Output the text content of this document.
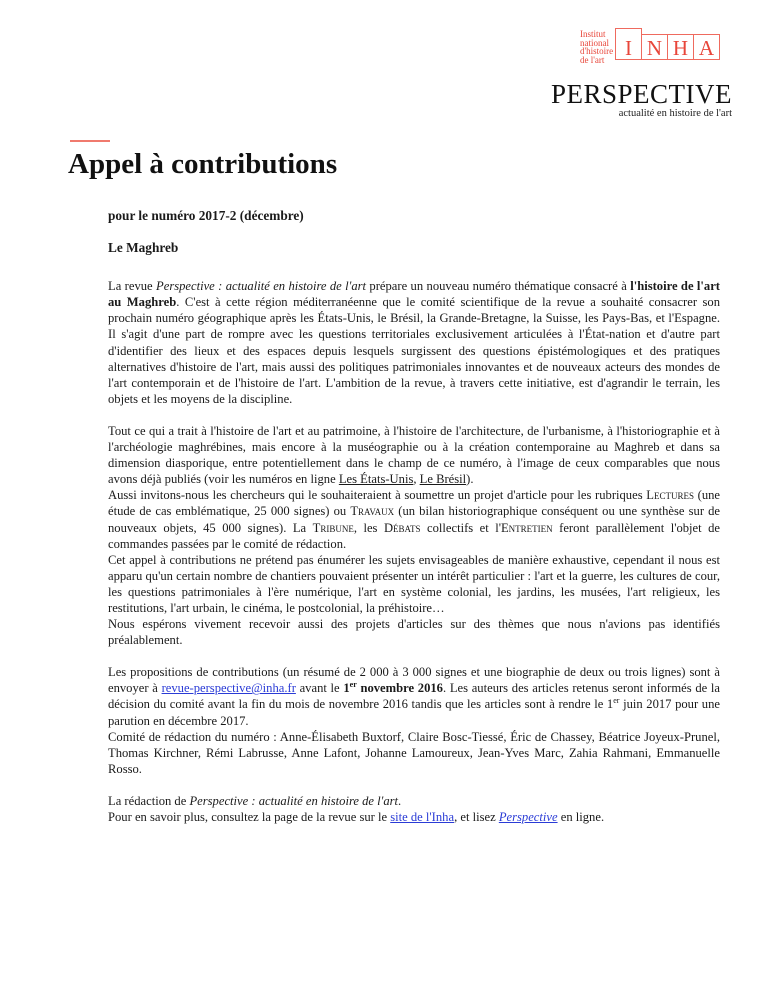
Institut
national
d'histoire
de l'art I N H A
PERSPECTIVE
actualité en histoire de l'art
Appel à contributions
pour le numéro 2017-2 (décembre)
Le Maghreb

La revue Perspective : actualité en histoire de l'art prépare un nouveau numéro thématique consacré à l'histoire de l'art au Maghreb. C'est à cette région méditerranéenne que le comité scientifique de la revue a souhaité consacrer son prochain numéro géographique après les États-Unis, le Brésil, la Grande-Bretagne, la Suisse, les Pays-Bas, et l'Espagne. Il s'agit d'une part de rompre avec les questions territoriales exclusivement articulées à l'État-nation et d'autre part d'identifier des lieux et des espaces depuis lesquels surgissent des questions épistémologiques et des pratiques alternatives d'histoire de l'art, mais aussi des politiques patrimoniales innovantes et de nouveaux acteurs des mondes de l'art contemporain et de l'histoire de l'art. L'ambition de la revue, à travers cette initiative, est d'agrandir le terrain, les objets et les moyens de la discipline.

Tout ce qui a trait à l'histoire de l'art et au patrimoine, à l'histoire de l'architecture, de l'urbanisme, à l'historiographie et à l'archéologie maghrébines, mais encore à la muséographie ou à la création contemporaine au Maghreb et dans sa dimension diasporique, entre potentiellement dans le champ de ce numéro, à l'image de ceux comparables que nous avons déjà publiés (voir les numéros en ligne Les États-Unis, Le Brésil).

Aussi invitons-nous les chercheurs qui le souhaiteraient à soumettre un projet d'article pour les rubriques Lectures (une étude de cas emblématique, 25 000 signes) ou Travaux (un bilan historiographique conséquent ou une synthèse sur de nouveaux objets, 45 000 signes). La Tribune, les Débats collectifs et l'Entretien feront parallèlement l'objet de commandes passées par le comité de rédaction.

Cet appel à contributions ne prétend pas énumérer les sujets envisageables de manière exhaustive, cependant il nous est apparu qu'un certain nombre de chantiers pouvaient présenter un intérêt particulier : l'art et la guerre, les cultures de cour, les questions patrimoniales à l'ère numérique, l'art en système colonial, les jardins, les musées, l'art religieux, les restitutions, l'art urbain, le cinéma, le postcolonial, la préhistoire…

Nous espérons vivement recevoir aussi des projets d'articles sur des thèmes que nous n'avions pas identifiés préalablement.

Les propositions de contributions (un résumé de 2 000 à 3 000 signes et une biographie de deux ou trois lignes) sont à envoyer à revue-perspective@inha.fr avant le 1er novembre 2016. Les auteurs des articles retenus seront informés de la décision du comité avant la fin du mois de novembre 2016 tandis que les articles sont à rendre le 1er juin 2017 pour une parution en décembre 2017.

Comité de rédaction du numéro : Anne-Élisabeth Buxtorf, Claire Bosc-Tiessé, Éric de Chassey, Béatrice Joyeux-Prunel, Thomas Kirchner, Rémi Labrusse, Anne Lafont, Johanne Lamoureux, Jean-Yves Marc, Zahia Rahmani, Emmanuelle Rosso.

La rédaction de Perspective : actualité en histoire de l'art.

Pour en savoir plus, consultez la page de la revue sur le site de l'Inha, et lisez Perspective en ligne.
